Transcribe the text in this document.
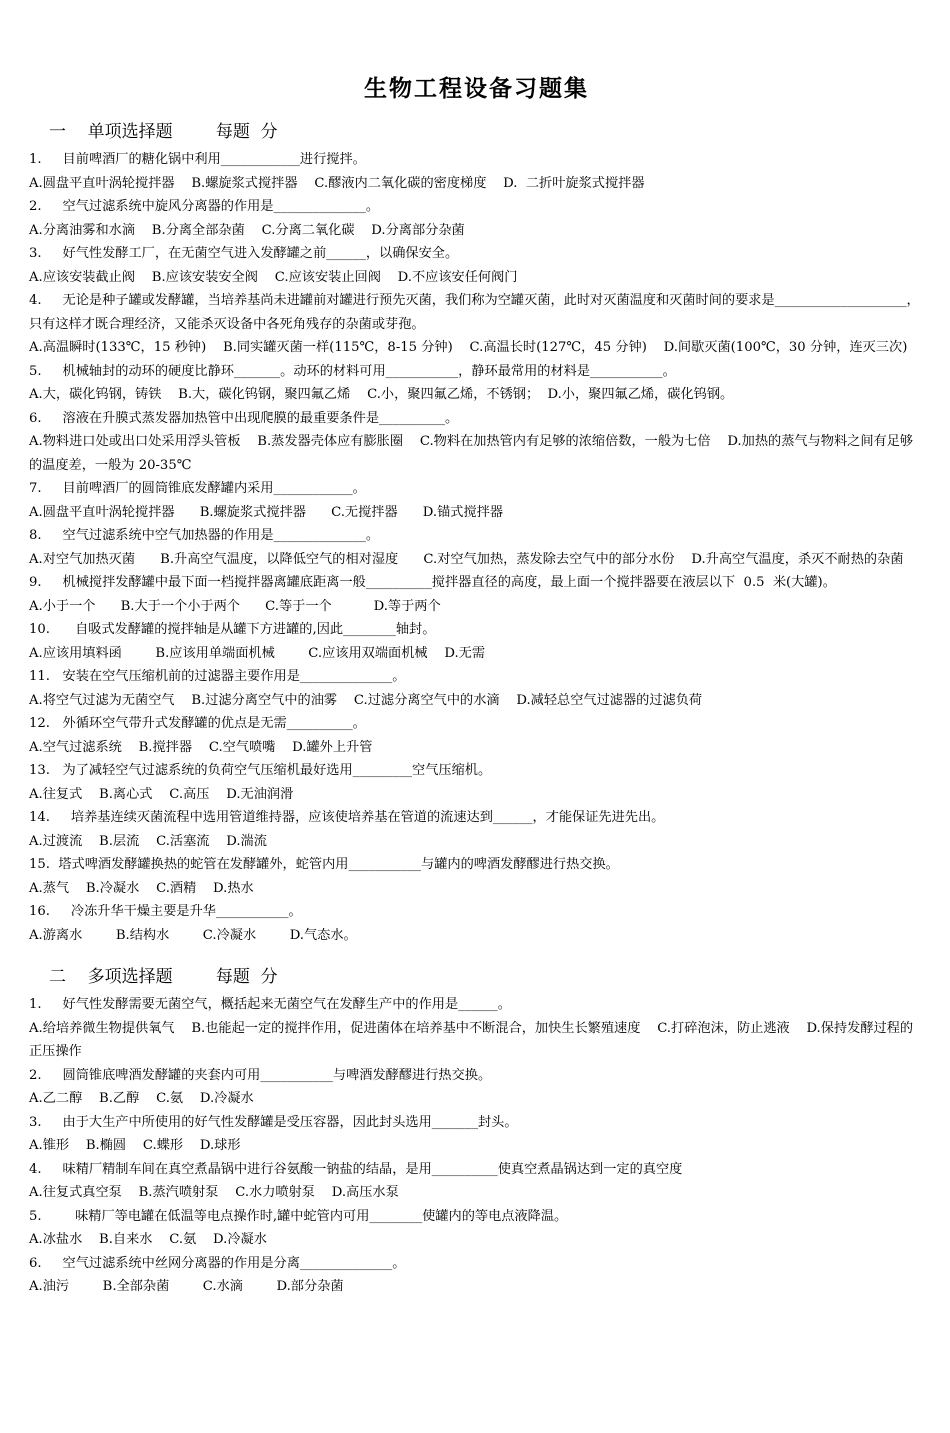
生物工程设备习题集
一    单项选择题        每题  分
1.     目前啤酒厂的糖化锅中利用____________进行搅拌。
A.圆盘平直叶涡轮搅拌器    B.螺旋浆式搅拌器    C.醪液内二氧化碳的密度梯度    D.  二折叶旋浆式搅拌器
2.     空气过滤系统中旋风分离器的作用是______________。
A.分离油雾和水滴    B.分离全部杂菌    C.分离二氧化碳    D.分离部分杂菌
3.     好气性发酵工厂，在无菌空气进入发酵罐之前______，以确保安全。
A.应该安装截止阀    B.应该安装安全阀    C.应该安装止回阀    D.不应该安任何阀门
4.     无论是种子罐或发酵罐，当培养基尚未进罐前对罐进行预先灭菌，我们称为空罐灭菌，此时对灭菌温度和灭菌时间的要求是____________________，只有这样才既合理经济，又能杀灭设备中各死角残存的杂菌或芽孢。
A.高温瞬时(133℃，15 秒钟)    B.同实罐灭菌一样(115℃，8-15 分钟)    C.高温长时(127℃，45 分钟)    D.间歇灭菌(100℃，30 分钟，连灭三次)
5.     机械轴封的动环的硬度比静环_______。动环的材料可用___________，静环最常用的材料是___________。
A.大，碳化钨钢，铸铁    B.大，碳化钨钢，聚四氟乙烯    C.小，聚四氟乙烯，不锈钢；  D.小，聚四氟乙烯，碳化钨钢。
6.     溶液在升膜式蒸发器加热管中出现爬膜的最重要条件是__________。
A.物料进口处或出口处采用浮头管板    B.蒸发器壳体应有膨胀圈    C.物料在加热管内有足够的浓缩倍数，一般为七倍    D.加热的蒸气与物料之间有足够的温度差，一般为 20-35℃
7.     目前啤酒厂的圆筒锥底发酵罐内采用____________。
A.圆盘平直叶涡轮搅拌器      B.螺旋浆式搅拌器      C.无搅拌器      D.锚式搅拌器
8.     空气过滤系统中空气加热器的作用是______________。
A.对空气加热灭菌      B.升高空气温度，以降低空气的相对湿度      C.对空气加热，蒸发除去空气中的部分水份    D.升高空气温度，杀灭不耐热的杂菌
9.     机械搅拌发酵罐中最下面一档搅拌器离罐底距离一般__________搅拌器直径的高度，最上面一个搅拌器要在液层以下  0.5  米(大罐)。
A.小于一个      B.大于一个小于两个      C.等于一个          D.等于两个
10.      自吸式发酵罐的搅拌轴是从罐下方进罐的,因此________轴封。
A.应该用填料函        B.应该用单端面机械        C.应该用双端面机械    D.无需
11.   安装在空气压缩机前的过滤器主要作用是______________。
A.将空气过滤为无菌空气    B.过滤分离空气中的油雾    C.过滤分离空气中的水滴    D.减轻总空气过滤器的过滤负荷
12.   外循环空气带升式发酵罐的优点是无需__________。
A.空气过滤系统    B.搅拌器    C.空气喷嘴    D.罐外上升管
13.   为了减轻空气过滤系统的负荷空气压缩机最好选用_________空气压缩机。
A.往复式    B.离心式    C.高压    D.无油润滑
14.     培养基连续灭菌流程中选用管道维持器，应该使培养基在管道的流速达到______，才能保证先进先出。
A.过渡流    B.层流    C.活塞流    D.湍流
15.  塔式啤酒发酵罐换热的蛇管在发酵罐外，蛇管内用___________与罐内的啤酒发酵醪进行热交换。
A.蒸气    B.冷凝水    C.酒精    D.热水
16.     冷冻升华干燥主要是升华___________。
A.游离水        B.结构水        C.冷凝水        D.气态水。
二    多项选择题        每题  分
1.     好气性发酵需要无菌空气，概括起来无菌空气在发酵生产中的作用是______。
A.给培养微生物提供氧气    B.也能起一定的搅拌作用，促进菌体在培养基中不断混合，加快生长繁殖速度    C.打碎泡沫，防止逃液    D.保持发酵过程的正压操作
2.     圆筒锥底啤酒发酵罐的夹套内可用___________与啤酒发酵醪进行热交换。
A.乙二醇    B.乙醇    C.氨    D.冷凝水
3.     由于大生产中所使用的好气性发酵罐是受压容器，因此封头选用_______封头。
A.锥形    B.椭圆    C.蝶形    D.球形
4.     味精厂精制车间在真空煮晶锅中进行谷氨酸一钠盐的结晶，是用__________使真空煮晶锅达到一定的真空度
A.往复式真空泵    B.蒸汽喷射泵    C.水力喷射泵    D.高压水泵
5.        味精厂等电罐在低温等电点操作时,罐中蛇管内可用________使罐内的等电点液降温。
A.冰盐水    B.自来水    C.氨    D.冷凝水
6.     空气过滤系统中丝网分离器的作用是分离______________。
A.油污        B.全部杂菌        C.水滴        D.部分杂菌
